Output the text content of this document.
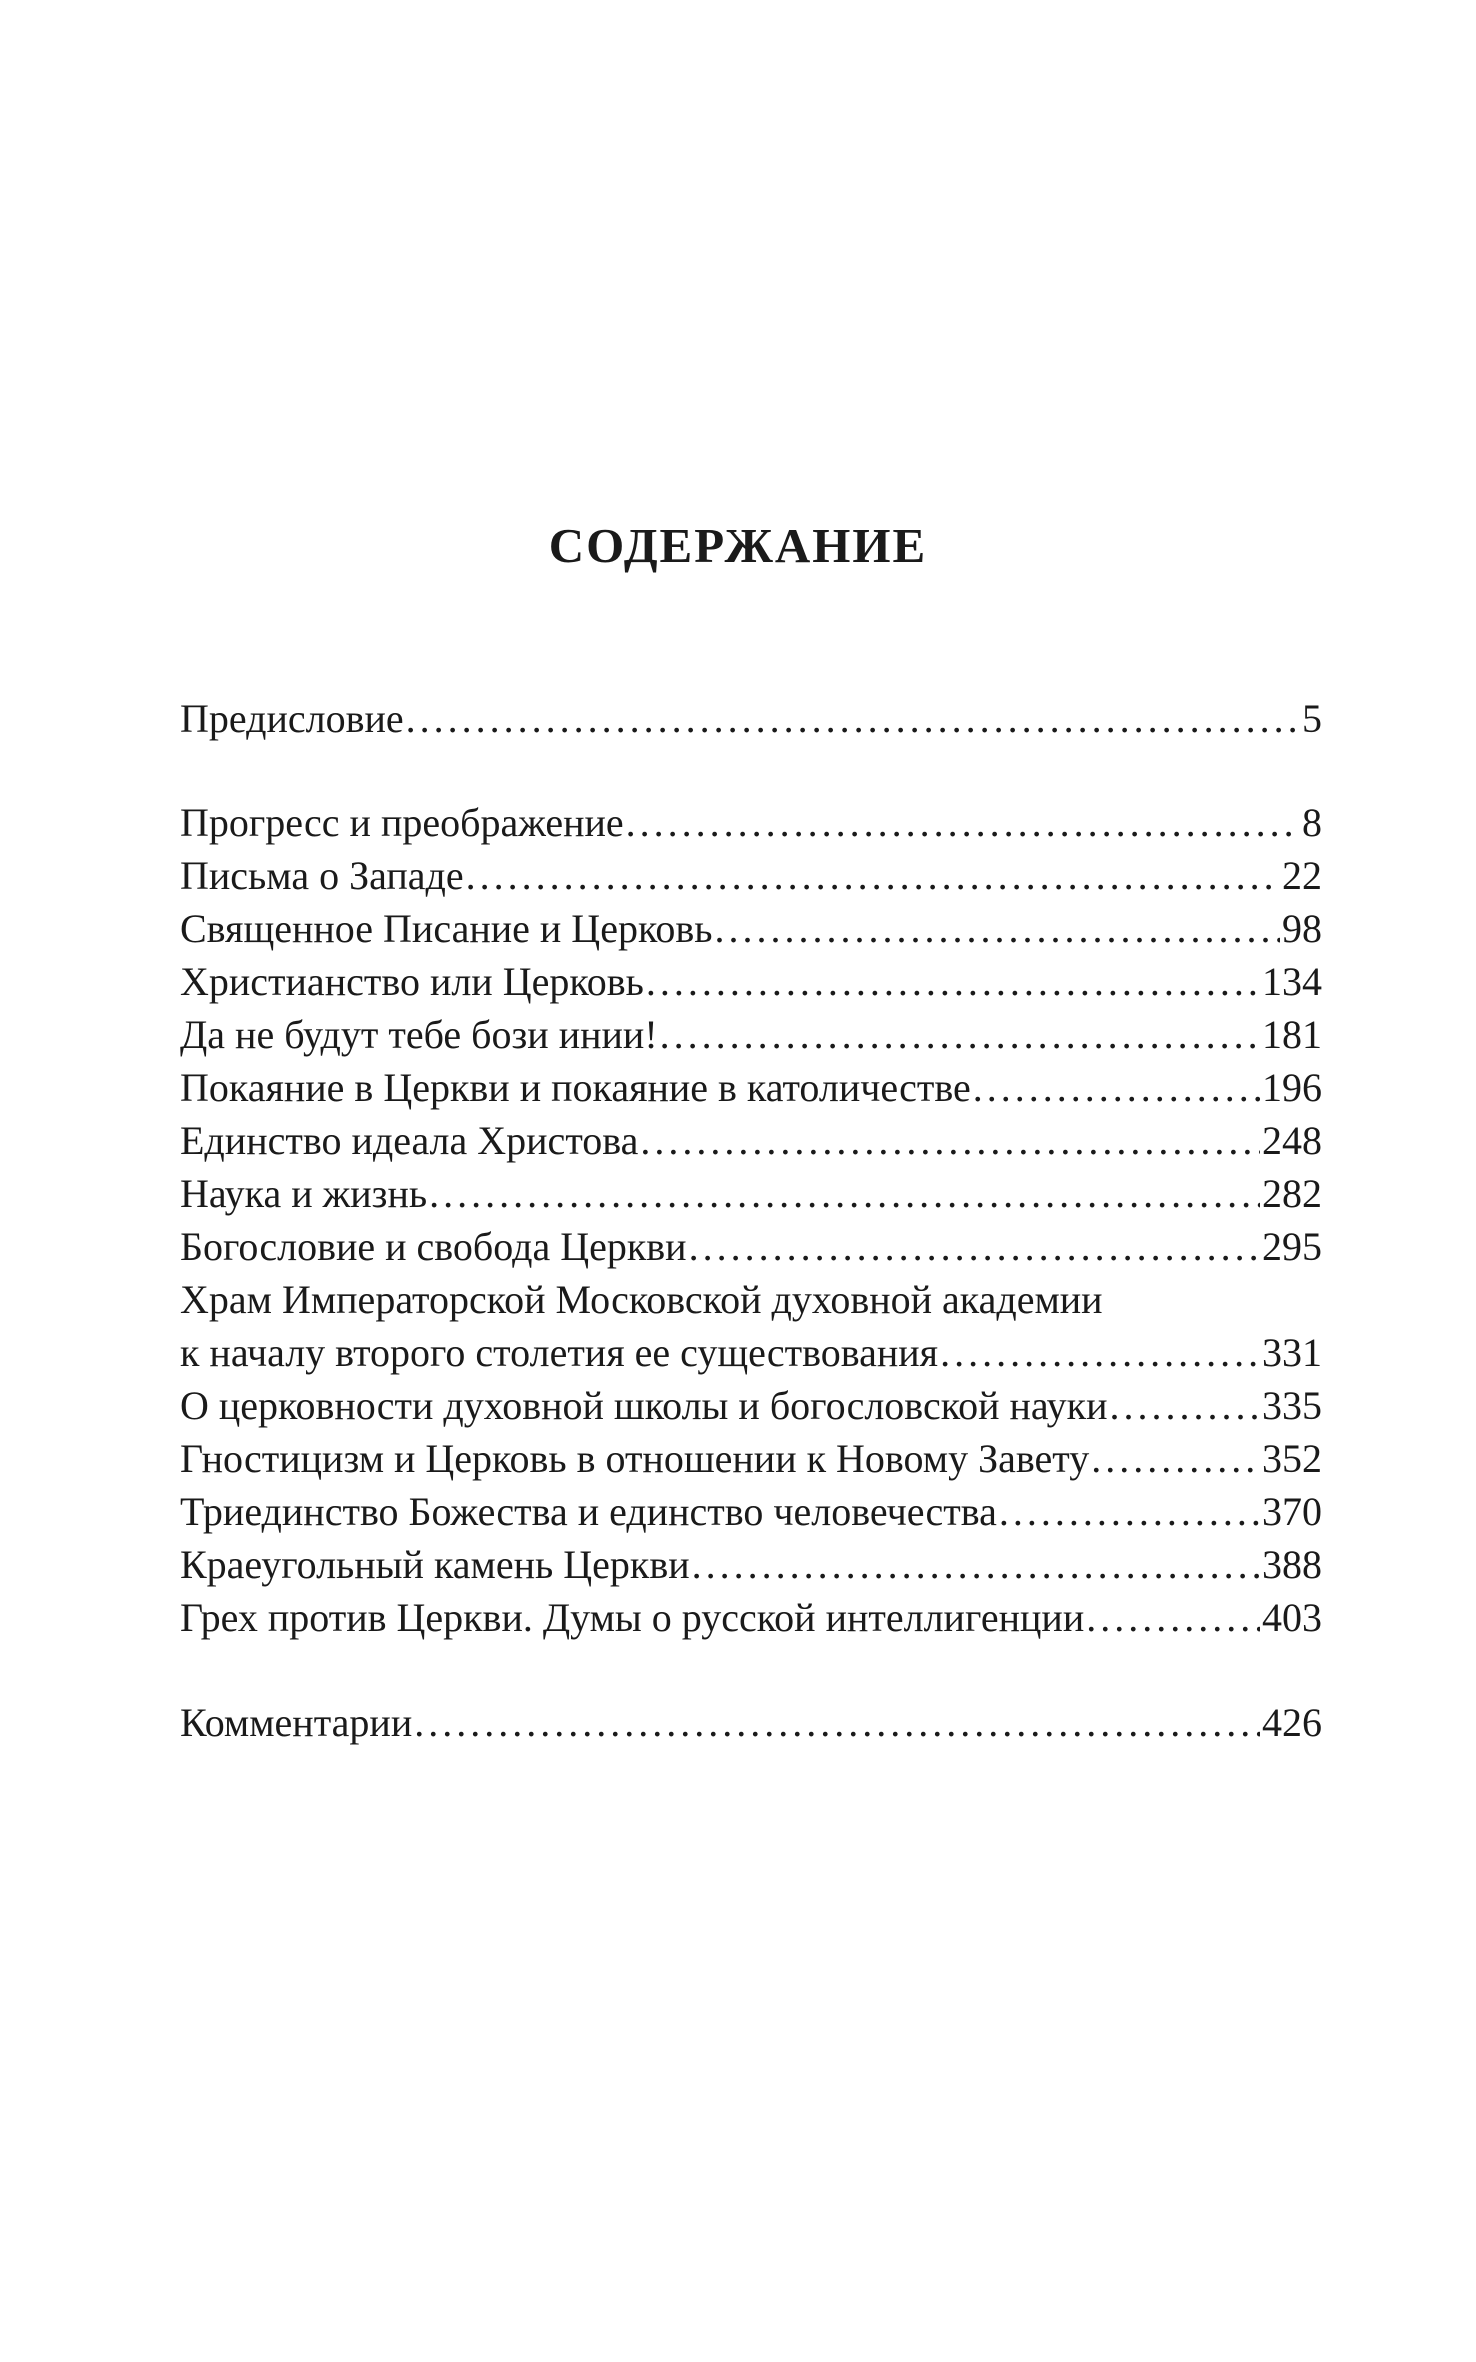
СОДЕРЖАНИЕ
Предисловие . . .	5
Прогресс и преображение . . .	8
Письма о Западе . . .	22
Священное Писание и Церковь . . .	98
Христианство или Церковь . . .	134
Да не будут тебе бози инии! . . .	181
Покаяние в Церкви и покаяние в католичестве . . .	196
Единство идеала Христова . . .	248
Наука и жизнь . . .	282
Богословие и свобода Церкви . . .	295
Храм Императорской Московской духовной академии
к началу второго столетия ее существования . . .	331
О церковности духовной школы и богословской науки . . .	335
Гностицизм и Церковь в отношении к Новому Завету . . .	352
Триединство Божества и единство человечества . . .	370
Краеугольный камень Церкви . . .	388
Грех против Церкви. Думы о русской интеллигенции . . .	403
Комментарии . . .	426
